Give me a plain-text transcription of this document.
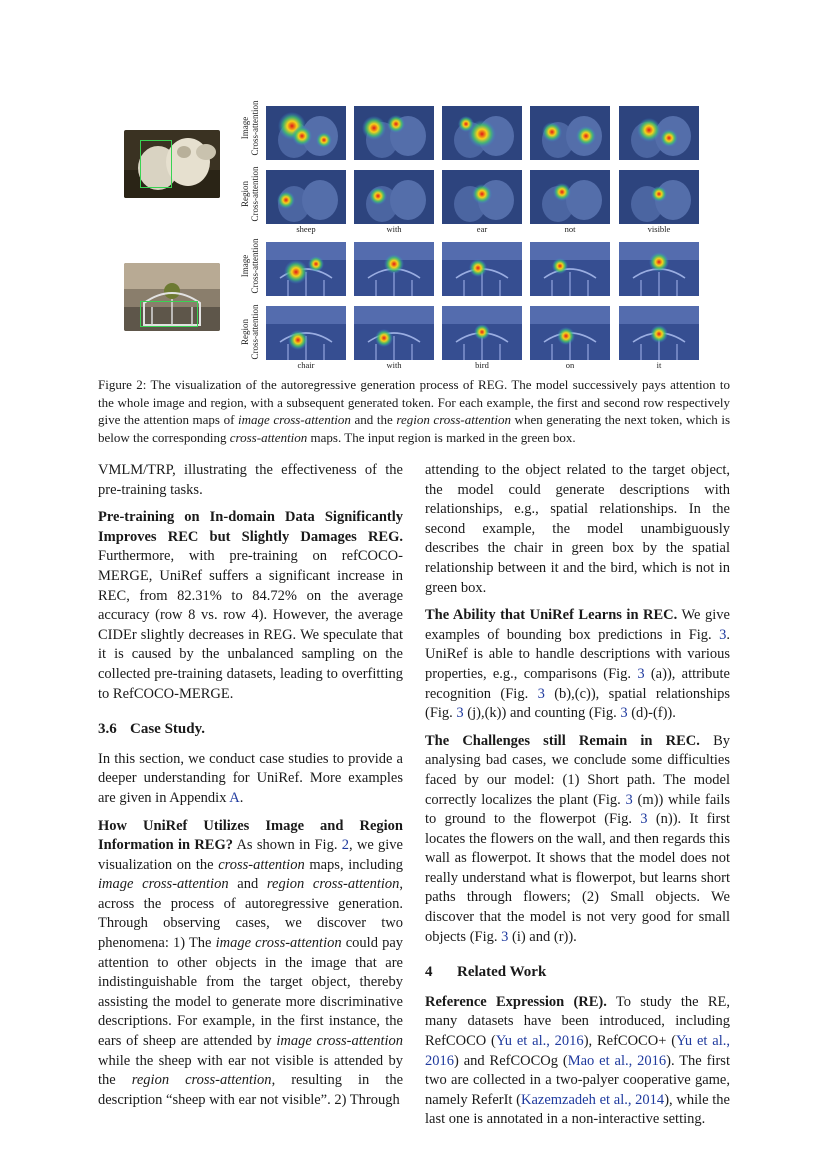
Image
Cross-attention
Region
Cross-attention
Image
Cross-attention
Region
Cross-attention
sheep	with	ear	not	visible
chair	with	bird	on	it
Figure 2: The visualization of the autoregressive generation process of REG. The model successively pays attention to the whole image and region, with a subsequent generated token. For each example, the first and second row respectively give the attention maps of image cross-attention and the region cross-attention when generating the next token, which is below the corresponding cross-attention maps. The input region is marked in the green box.

VMLM/TRP, illustrating the effectiveness of the pre-training tasks.

Pre-training on In-domain Data Significantly Improves REC but Slightly Damages REG. Furthermore, with pre-training on refCOCO-MERGE, UniRef suffers a significant increase in REC, from 82.31% to 84.72% on the average accuracy (row 8 vs. row 4). However, the average CIDEr slightly decreases in REG. We speculate that it is caused by the unbalanced sampling on the collected pre-training datasets, leading to overfitting to RefCOCO-MERGE.

3.6 Case Study.

In this section, we conduct case studies to provide a deeper understanding for UniRef. More examples are given in Appendix A.

How UniRef Utilizes Image and Region Information in REG? As shown in Fig. 2, we give visualization on the cross-attention maps, including image cross-attention and region cross-attention, across the process of autoregressive generation. Through observing cases, we discover two phenomena: 1) The image cross-attention could pay attention to other objects in the image that are indistinguishable from the target object, thereby assisting the model to generate more discriminative descriptions. For example, in the first instance, the ears of sheep are attended by image cross-attention while the sheep with ear not visible is attended by the region cross-attention, resulting in the description “sheep with ear not visible”. 2) Through

attending to the object related to the target object, the model could generate descriptions with relationships, e.g., spatial relationships. In the second example, the model unambiguously describes the chair in green box by the spatial relationship between it and the bird, which is not in green box.

The Ability that UniRef Learns in REC. We give examples of bounding box predictions in Fig. 3. UniRef is able to handle descriptions with various properties, e.g., comparisons (Fig. 3 (a)), attribute recognition (Fig. 3 (b),(c)), spatial relationships (Fig. 3 (j),(k)) and counting (Fig. 3 (d)-(f)).

The Challenges still Remain in REC. By analysing bad cases, we conclude some difficulties faced by our model: (1) Short path. The model correctly localizes the plant (Fig. 3 (m)) while fails to ground to the flowerpot (Fig. 3 (n)). It first locates the flowers on the wall, and then regards this wall as flowerpot. It shows that the model does not really understand what is flowerpot, but learns short paths through flowers; (2) Small objects. We discover that the model is not very good for small objects (Fig. 3 (i) and (r)).

4 Related Work

Reference Expression (RE). To study the RE, many datasets have been introduced, including RefCOCO (Yu et al., 2016), RefCOCO+ (Yu et al., 2016) and RefCOCOg (Mao et al., 2016). The first two are collected in a two-palyer cooperative game, namely ReferIt (Kazemzadeh et al., 2014), while the last one is annotated in a non-interactive setting.
